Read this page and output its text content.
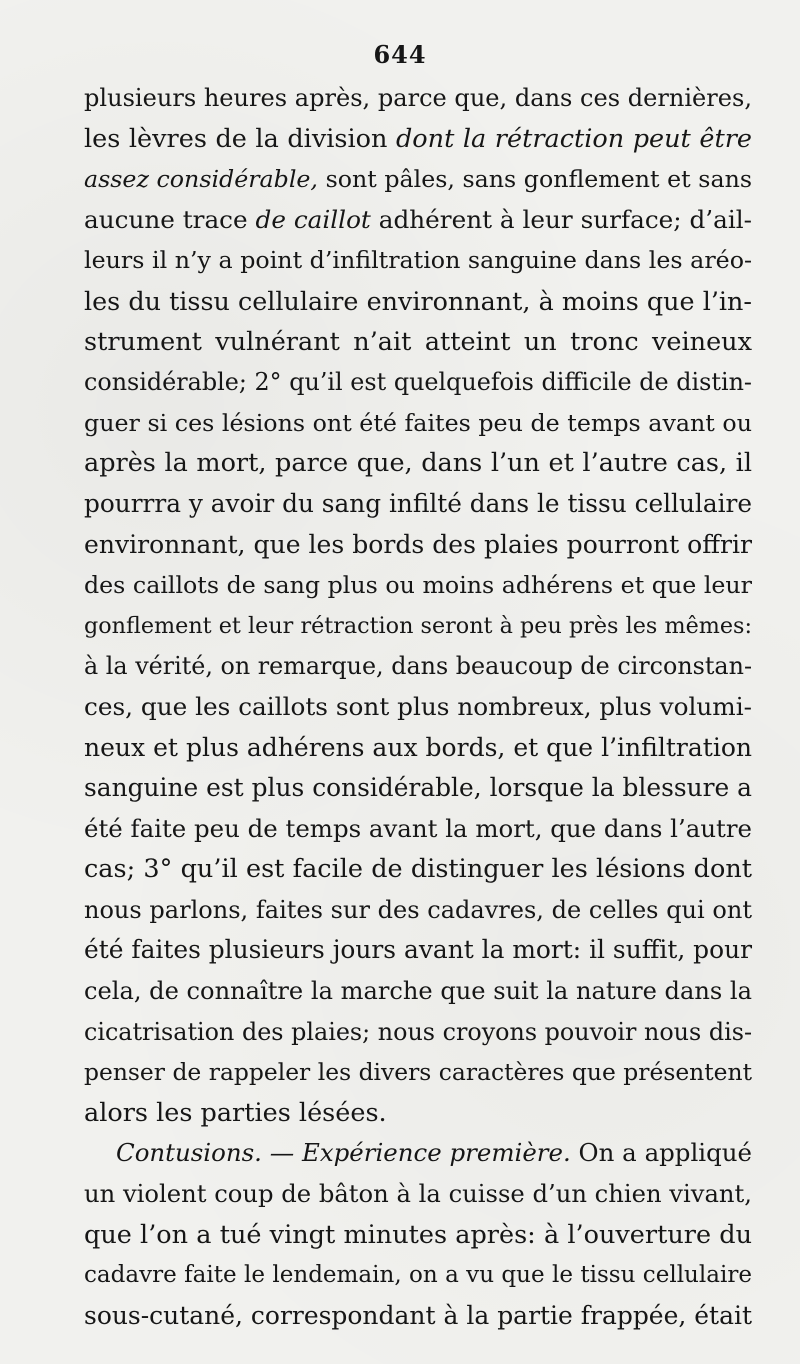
644
plusieurs heures après, parce que, dans ces dernières,
les lèvres de la division dont la rétraction peut être
assez considérable, sont pâles, sans gonflement et sans
aucune trace de caillot adhérent à leur surface; d’ail-
leurs il n’y a point d’infiltration sanguine dans les aréo-
les du tissu cellulaire environnant, à moins que l’in-
strument vulnérant n’ait atteint un tronc veineux
considérable; 2° qu’il est quelquefois difficile de distin-
guer si ces lésions ont été faites peu de temps avant ou
après la mort, parce que, dans l’un et l’autre cas, il
pourrra y avoir du sang infilté dans le tissu cellulaire
environnant, que les bords des plaies pourront offrir
des caillots de sang plus ou moins adhérens et que leur
gonflement et leur rétraction seront à peu près les mêmes:
à la vérité, on remarque, dans beaucoup de circonstan-
ces, que les caillots sont plus nombreux, plus volumi-
neux et plus adhérens aux bords, et que l’infiltration
sanguine est plus considérable, lorsque la blessure a
été faite peu de temps avant la mort, que dans l’autre
cas; 3° qu’il est facile de distinguer les lésions dont
nous parlons, faites sur des cadavres, de celles qui ont
été faites plusieurs jours avant la mort: il suffit, pour
cela, de connaître la marche que suit la nature dans la
cicatrisation des plaies; nous croyons pouvoir nous dis-
penser de rappeler les divers caractères que présentent
alors les parties lésées.
Contusions. — Expérience première. On a appliqué
un violent coup de bâton à la cuisse d’un chien vivant,
que l’on a tué vingt minutes après: à l’ouverture du
cadavre faite le lendemain, on a vu que le tissu cellulaire
sous-cutané, correspondant à la partie frappée, était
